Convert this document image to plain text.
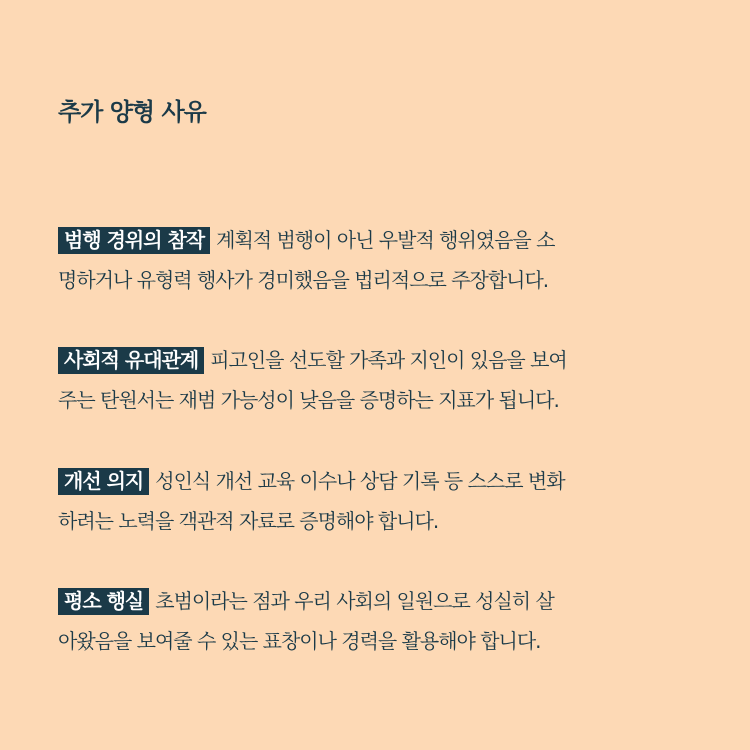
추가 양형 사유
범행 경위의 참작 계획적 범행이 아닌 우발적 행위였음을 소
명하거나 유형력 행사가 경미했음을 법리적으로 주장합니다.
사회적 유대관계 피고인을 선도할 가족과 지인이 있음을 보여
주는 탄원서는 재범 가능성이 낮음을 증명하는 지표가 됩니다.
개선 의지 성인식 개선 교육 이수나 상담 기록 등 스스로 변화
하려는 노력을 객관적 자료로 증명해야 합니다.
평소 행실 초범이라는 점과 우리 사회의 일원으로 성실히 살
아왔음을 보여줄 수 있는 표창이나 경력을 활용해야 합니다.
